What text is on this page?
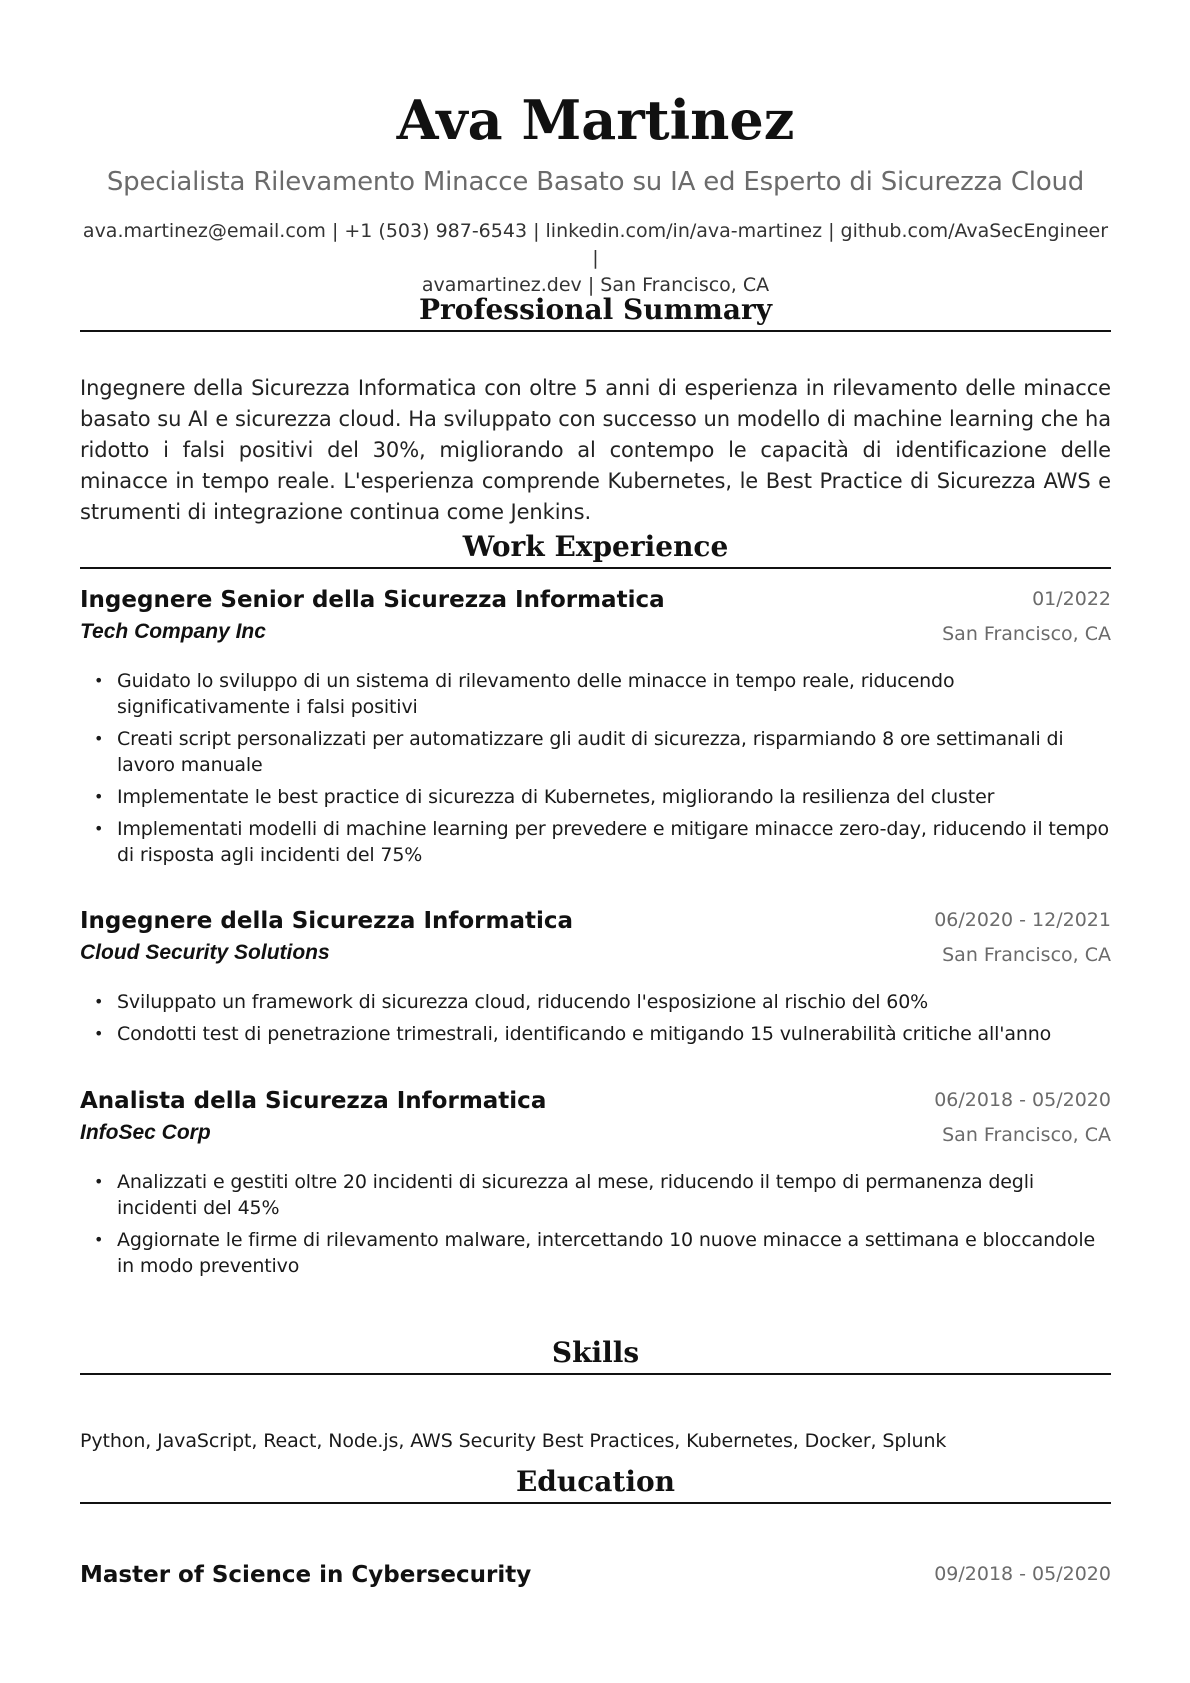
Ava Martinez
Specialista Rilevamento Minacce Basato su IA ed Esperto di Sicurezza Cloud
ava.martinez@email.com | +1 (503) 987-6543 | linkedin.com/in/ava-martinez | github.com/AvaSecEngineer |
avamartinez.dev | San Francisco, CA
Professional Summary
Ingegnere della Sicurezza Informatica con oltre 5 anni di esperienza in rilevamento delle minacce basato su AI e sicurezza cloud. Ha sviluppato con successo un modello di machine learning che ha ridotto i falsi positivi del 30%, migliorando al contempo le capacità di identificazione delle minacce in tempo reale. L'esperienza comprende Kubernetes, le Best Practice di Sicurezza AWS e strumenti di integrazione continua come Jenkins.
Work Experience
Ingegnere Senior della Sicurezza Informatica	01/2022
Tech Company Inc	San Francisco, CA
• Guidato lo sviluppo di un sistema di rilevamento delle minacce in tempo reale, riducendo significativamente i falsi positivi
• Creati script personalizzati per automatizzare gli audit di sicurezza, risparmiando 8 ore settimanali di lavoro manuale
• Implementate le best practice di sicurezza di Kubernetes, migliorando la resilienza del cluster
• Implementati modelli di machine learning per prevedere e mitigare minacce zero-day, riducendo il tempo di risposta agli incidenti del 75%
Ingegnere della Sicurezza Informatica	06/2020 - 12/2021
Cloud Security Solutions	San Francisco, CA
• Sviluppato un framework di sicurezza cloud, riducendo l'esposizione al rischio del 60%
• Condotti test di penetrazione trimestrali, identificando e mitigando 15 vulnerabilità critiche all'anno
Analista della Sicurezza Informatica	06/2018 - 05/2020
InfoSec Corp	San Francisco, CA
• Analizzati e gestiti oltre 20 incidenti di sicurezza al mese, riducendo il tempo di permanenza degli incidenti del 45%
• Aggiornate le firme di rilevamento malware, intercettando 10 nuove minacce a settimana e bloccandole in modo preventivo
Skills
Python, JavaScript, React, Node.js, AWS Security Best Practices, Kubernetes, Docker, Splunk
Education
Master of Science in Cybersecurity	09/2018 - 05/2020
